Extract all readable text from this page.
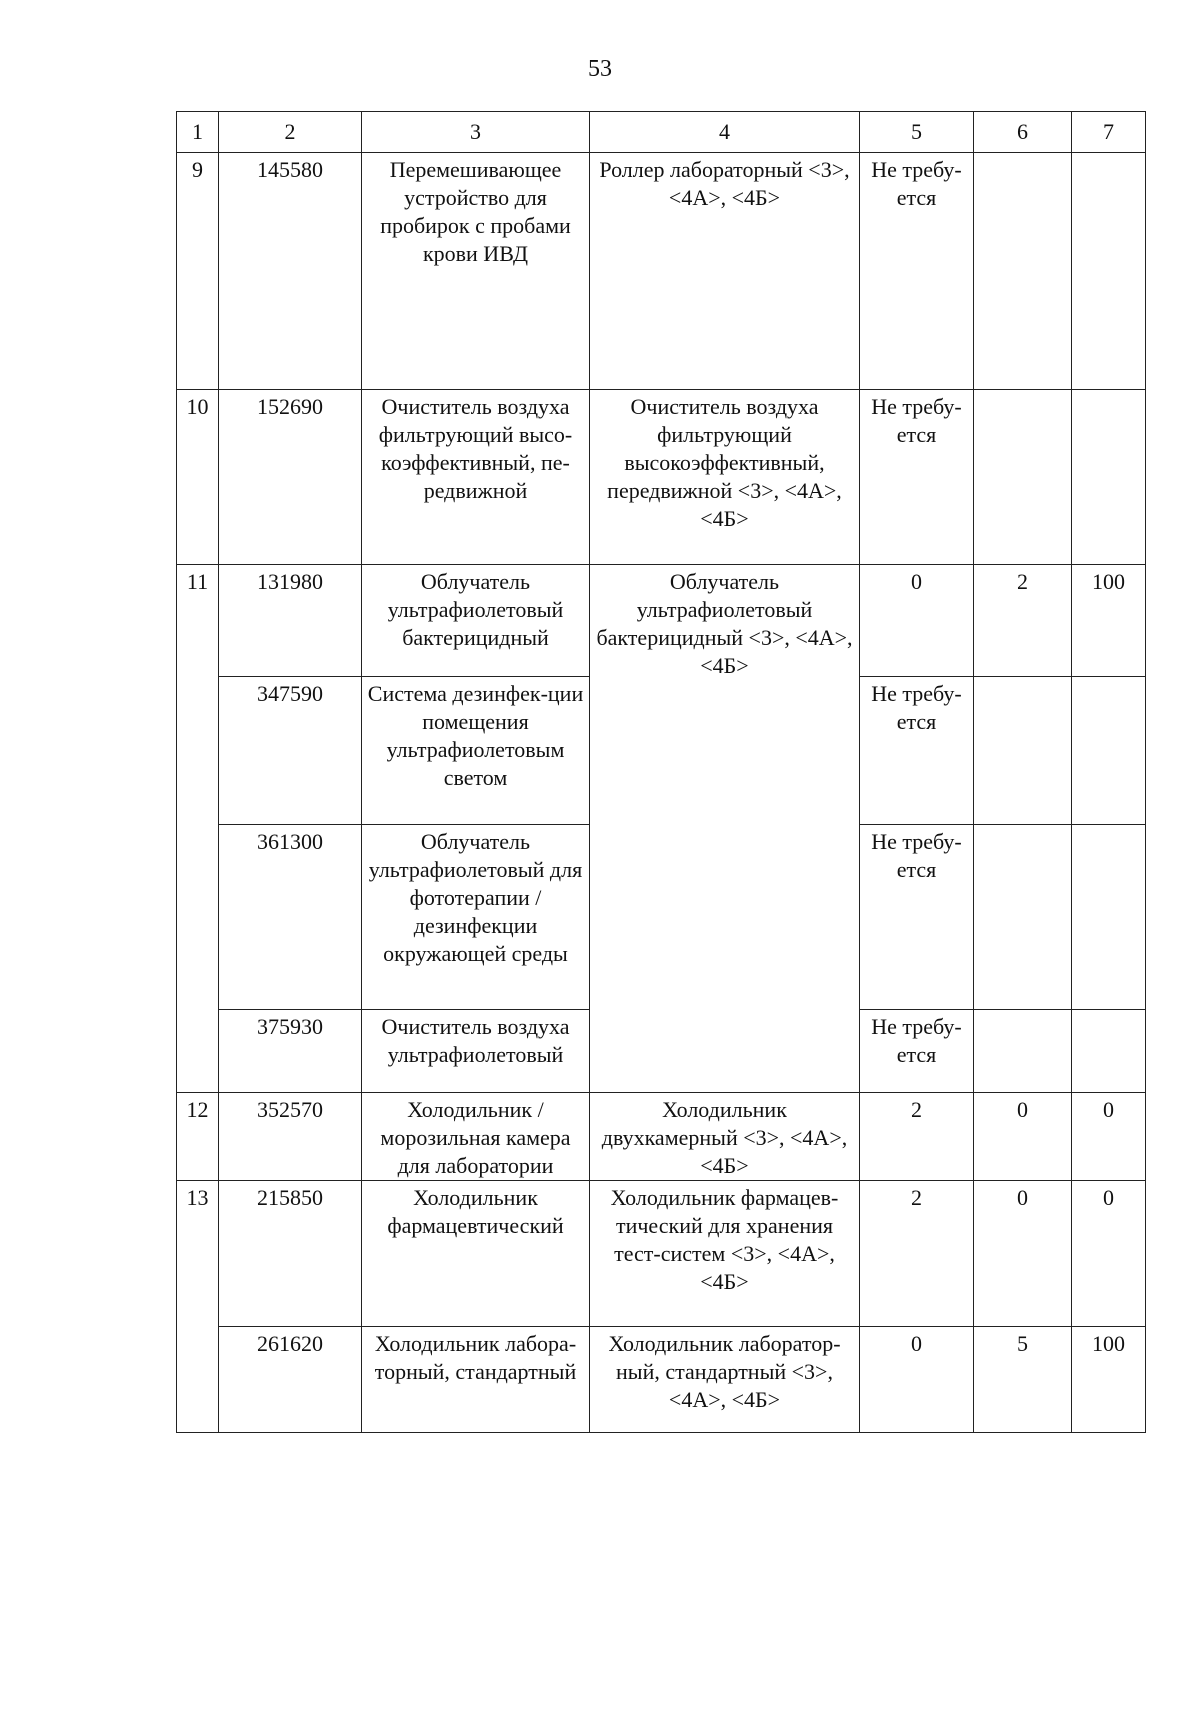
53
1	2	3	4	5	6	7
9	145580	Перемешивающее устройство для пробирок с пробами крови ИВД	Роллер лабораторный <3>, <4А>, <4Б>	Не требу-ется		
10	152690	Очиститель воздуха фильтрующий высо-коэффективный, пе-редвижной	Очиститель воздуха фильтрующий высокоэффективный, передвижной <3>, <4А>, <4Б>	Не требу-ется		
11	131980	Облучатель ультрафиолетовый бактерицидный	Облучатель ультрафиолетовый бактерицидный <3>, <4А>, <4Б>	0	2	100
	347590	Система дезинфек-ции помещения ультрафиолетовым светом		Не требу-ется		
	361300	Облучатель ультрафиолетовый для фототерапии / дезинфекции окружающей среды		Не требу-ется		
	375930	Очиститель воздуха ультрафиолетовый		Не требу-ется		
12	352570	Холодильник / морозильная камера для лаборатории	Холодильник двухкамерный <3>, <4А>, <4Б>	2	0	0
13	215850	Холодильник фармацевтический	Холодильник фармацев-тический для хранения тест-систем <3>, <4А>, <4Б>	2	0	0
	261620	Холодильник лабора-торный, стандартный	Холодильник лаборатор-ный, стандартный <3>, <4А>, <4Б>	0	5	100
